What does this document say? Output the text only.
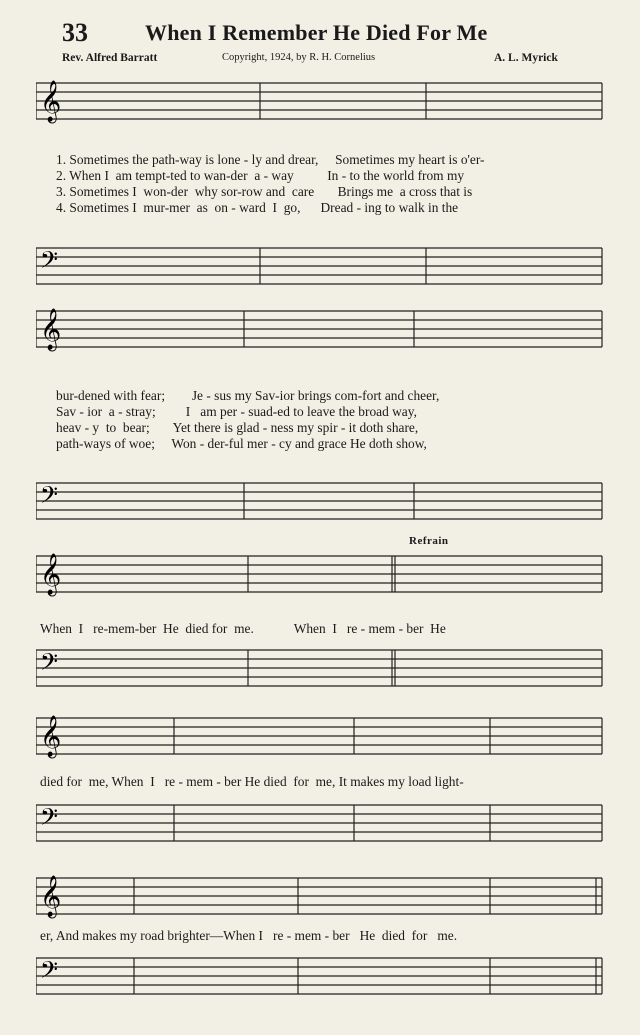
33	When I Remember He Died For Me
Rev. Alfred Barratt	Copyright, 1924, by R. H. Cornelius	A. L. Myrick
𝄞
1. Sometimes the path-way is lone - ly and drear,     Sometimes my heart is o'er-
2. When I  am tempt-ted to wan-der  a - way          In - to the world from my
3. Sometimes I  won-der  why sor-row and  care       Brings me  a cross that is
4. Sometimes I  mur-mer  as  on - ward  I  go,      Dread - ing to walk in the
𝄢
𝄞
bur-dened with fear;        Je - sus my Sav-ior brings com-fort and cheer,
Sav - ior  a - stray;         I   am per - suad-ed to leave the broad way,
heav - y  to  bear;       Yet there is glad - ness my spir - it doth share,
path-ways of woe;     Won - der-ful mer - cy and grace He doth show,
𝄢
Refrain
𝄞
When  I   re-mem-ber  He  died for  me.            When  I   re - mem - ber  He
𝄢
𝄞
died for  me, When  I   re - mem - ber He died  for  me, It makes my load light-
𝄢
𝄞
er, And makes my road brighter—When I   re - mem - ber   He  died  for   me.
𝄢
